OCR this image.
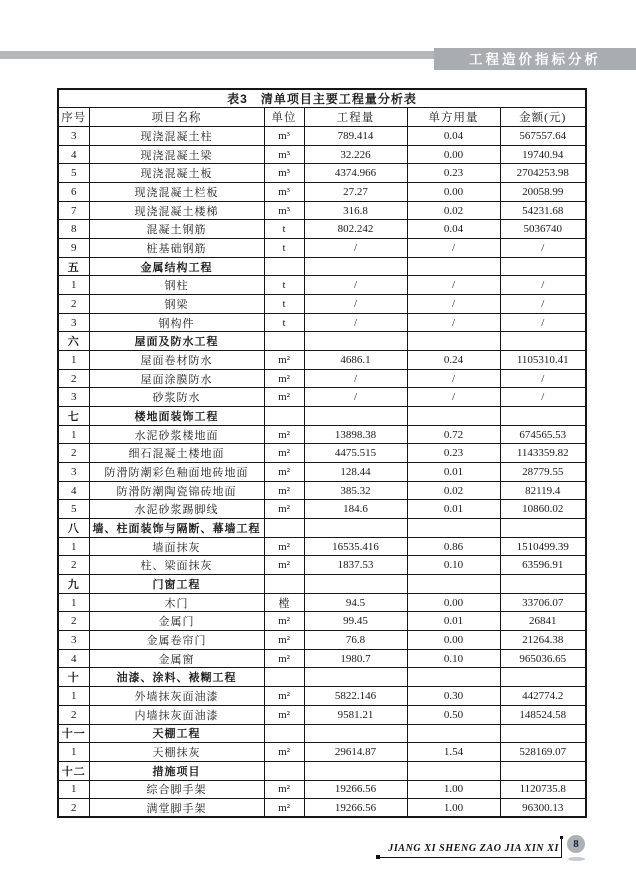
工程造价指标分析
表3　清单项目主要工程量分析表					
序号	项目名称	单位	工程量	单方用量	金额(元)
3	现浇混凝土柱	m³	789.414	0.04	567557.64
4	现浇混凝土梁	m³	32.226	0.00	19740.94
5	现浇混凝土板	m³	4374.966	0.23	2704253.98
6	现浇混凝土栏板	m³	27.27	0.00	20058.99
7	现浇混凝土楼梯	m³	316.8	0.02	54231.68
8	混凝土钢筋	t	802.242	0.04	5036740
9	桩基础钢筋	t	/	/	/
五	金属结构工程				
1	钢柱	t	/	/	/
2	钢梁	t	/	/	/
3	钢构件	t	/	/	/
六	屋面及防水工程				
1	屋面卷材防水	m²	4686.1	0.24	1105310.41
2	屋面涂膜防水	m²	/	/	/
3	砂浆防水	m²	/	/	/
七	楼地面装饰工程				
1	水泥砂浆楼地面	m²	13898.38	0.72	674565.53
2	细石混凝土楼地面	m²	4475.515	0.23	1143359.82
3	防滑防潮彩色釉面地砖地面	m²	128.44	0.01	28779.55
4	防滑防潮陶瓷锦砖地面	m²	385.32	0.02	82119.4
5	水泥砂浆踢脚线	m²	184.6	0.01	10860.02
八	墙、柱面装饰与隔断、幕墙工程				
1	墙面抹灰	m²	16535.416	0.86	1510499.39
2	柱、梁面抹灰	m²	1837.53	0.10	63596.91
九	门窗工程				
1	木门	樘	94.5	0.00	33706.07
2	金属门	m²	99.45	0.01	26841
3	金属卷帘门	m²	76.8	0.00	21264.38
4	金属窗	m²	1980.7	0.10	965036.65
十	油漆、涂料、裱糊工程				
1	外墙抹灰面油漆	m²	5822.146	0.30	442774.2
2	内墙抹灰面油漆	m²	9581.21	0.50	148524.58
十一	天棚工程				
1	天棚抹灰	m²	29614.87	1.54	528169.07
十二	措施项目				
1	综合脚手架	m²	19266.56	1.00	1120735.8
2	满堂脚手架	m²	19266.56	1.00	96300.13
JIANG XI SHENG ZAO JIA XIN XI	8
